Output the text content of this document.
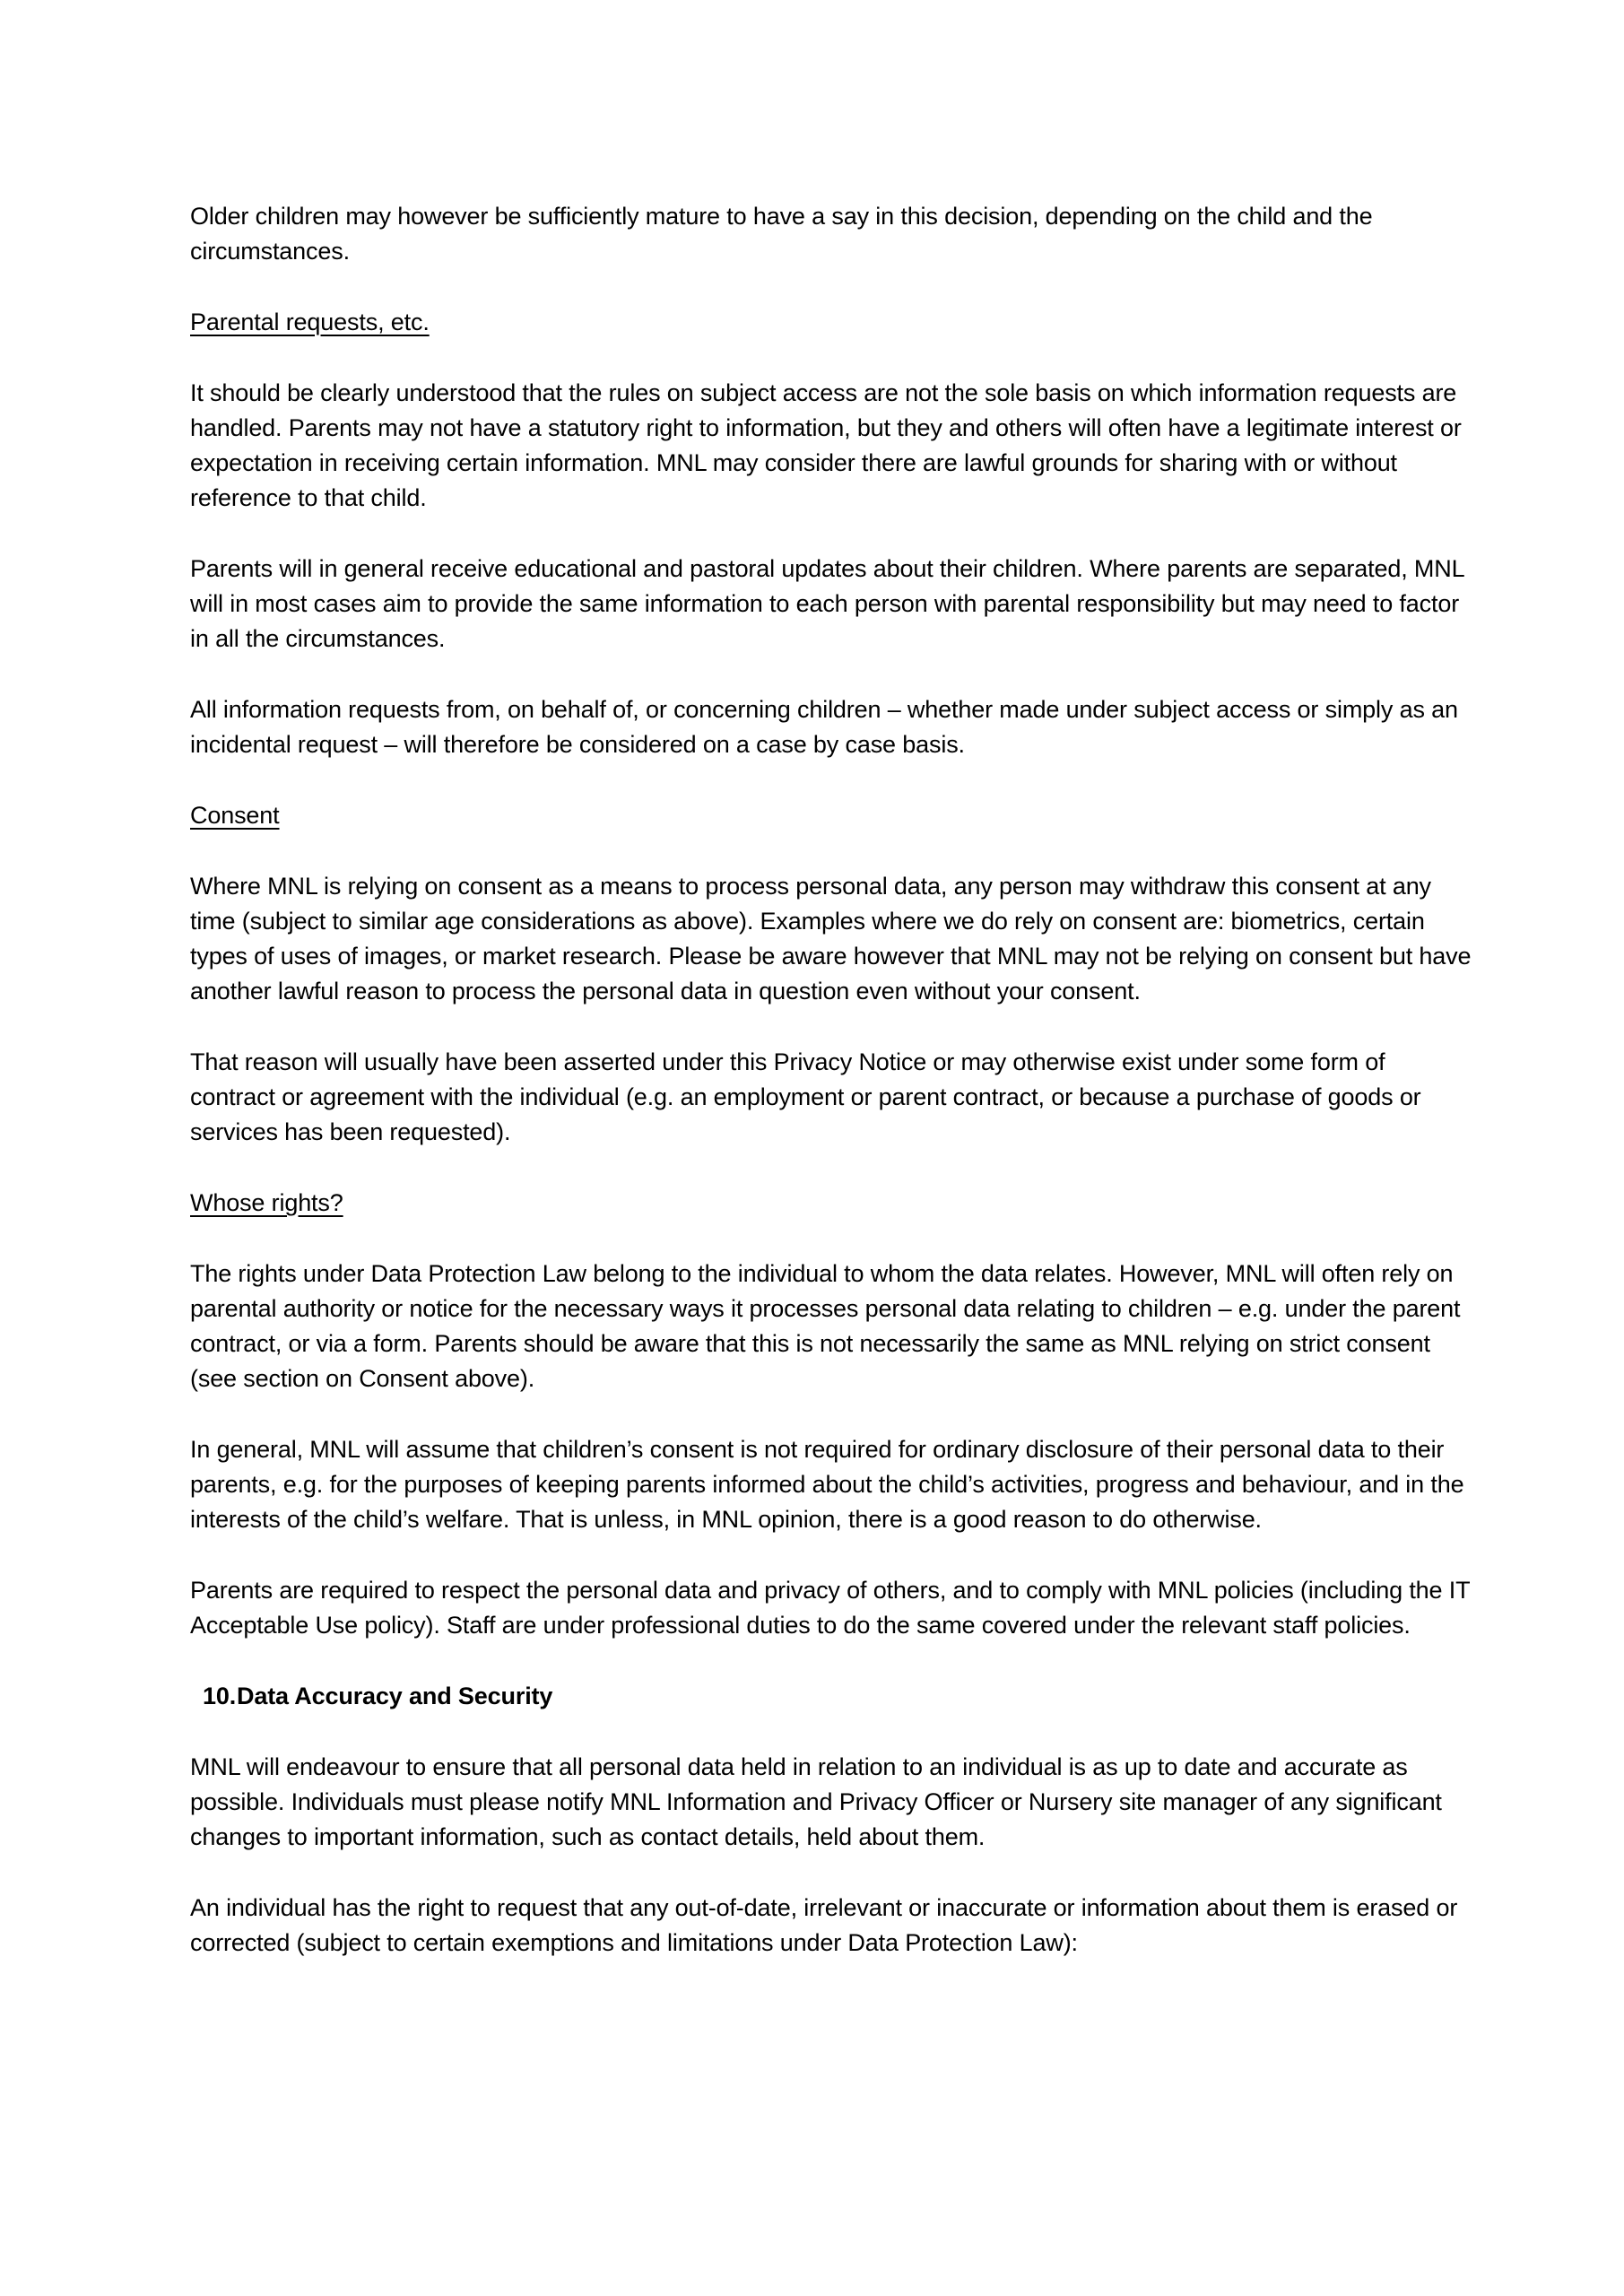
Older children may however be sufficiently mature to have a say in this decision, depending on the child and the circumstances.

Parental requests, etc.

It should be clearly understood that the rules on subject access are not the sole basis on which information requests are handled. Parents may not have a statutory right to information, but they and others will often have a legitimate interest or expectation in receiving certain information. MNL may consider there are lawful grounds for sharing with or without reference to that child.

Parents will in general receive educational and pastoral updates about their children. Where parents are separated, MNL will in most cases aim to provide the same information to each person with parental responsibility but may need to factor in all the circumstances.

All information requests from, on behalf of, or concerning children – whether made under subject access or simply as an incidental request – will therefore be considered on a case by case basis.

Consent

Where MNL is relying on consent as a means to process personal data, any person may withdraw this consent at any time (subject to similar age considerations as above). Examples where we do rely on consent are: biometrics, certain types of uses of images, or market research. Please be aware however that MNL may not be relying on consent but have another lawful reason to process the personal data in question even without your consent.

That reason will usually have been asserted under this Privacy Notice or may otherwise exist under some form of contract or agreement with the individual (e.g. an employment or parent contract, or because a purchase of goods or services has been requested).

Whose rights?

The rights under Data Protection Law belong to the individual to whom the data relates. However, MNL will often rely on parental authority or notice for the necessary ways it processes personal data relating to children – e.g. under the parent contract, or via a form. Parents should be aware that this is not necessarily the same as MNL relying on strict consent (see section on Consent above).

In general, MNL will assume that children’s consent is not required for ordinary disclosure of their personal data to their parents, e.g. for the purposes of keeping parents informed about the child’s activities, progress and behaviour, and in the interests of the child’s welfare. That is unless, in MNL opinion, there is a good reason to do otherwise.

Parents are required to respect the personal data and privacy of others, and to comply with MNL policies (including the IT Acceptable Use policy). Staff are under professional duties to do the same covered under the relevant staff policies.

10.Data Accuracy and Security

MNL will endeavour to ensure that all personal data held in relation to an individual is as up to date and accurate as possible. Individuals must please notify MNL Information and Privacy Officer or Nursery site manager of any significant changes to important information, such as contact details, held about them.

An individual has the right to request that any out-of-date, irrelevant or inaccurate or information about them is erased or corrected (subject to certain exemptions and limitations under Data Protection Law):
